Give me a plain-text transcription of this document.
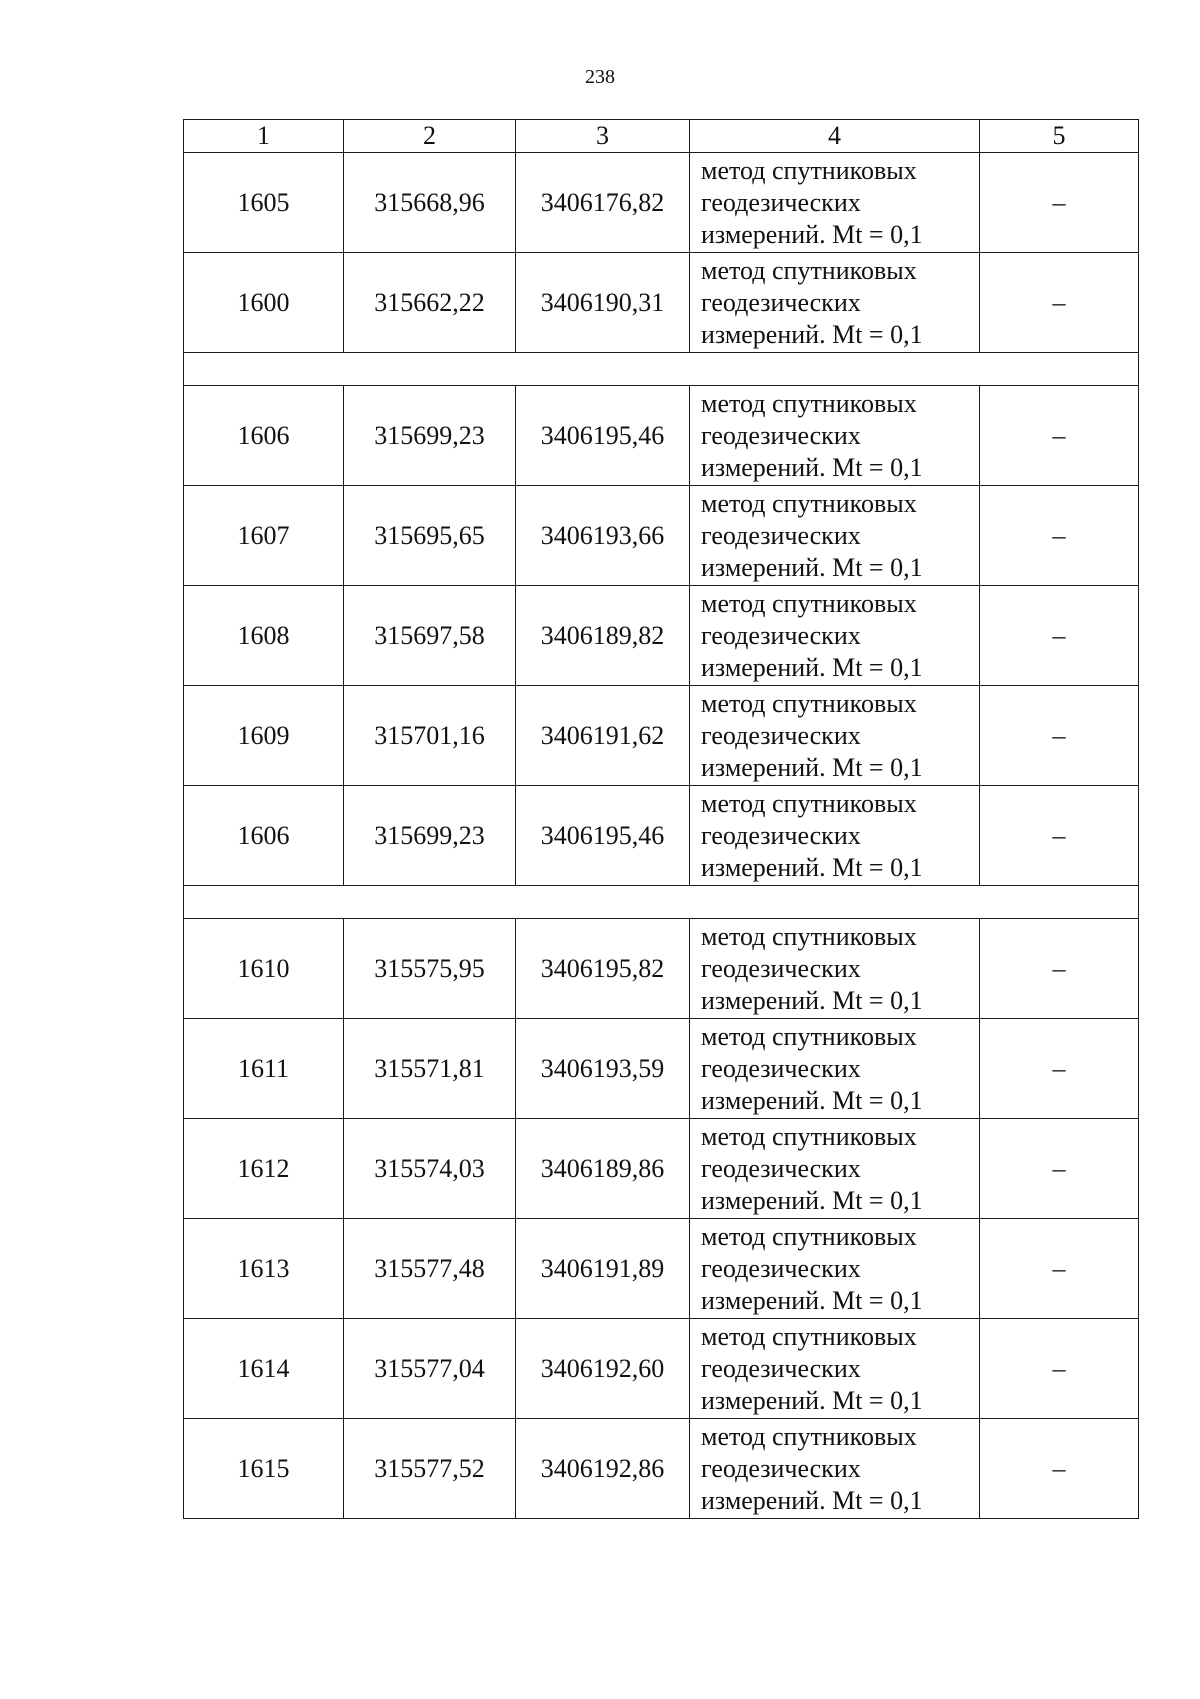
238
1	2	3	4	5
1605	315668,96	3406176,82	метод спутниковых
геодезических
измерений. Mt = 0,1	–
1600	315662,22	3406190,31	метод спутниковых
геодезических
измерений. Mt = 0,1	–

1606	315699,23	3406195,46	метод спутниковых
геодезических
измерений. Mt = 0,1	–
1607	315695,65	3406193,66	метод спутниковых
геодезических
измерений. Mt = 0,1	–
1608	315697,58	3406189,82	метод спутниковых
геодезических
измерений. Mt = 0,1	–
1609	315701,16	3406191,62	метод спутниковых
геодезических
измерений. Mt = 0,1	–
1606	315699,23	3406195,46	метод спутниковых
геодезических
измерений. Mt = 0,1	–

1610	315575,95	3406195,82	метод спутниковых
геодезических
измерений. Mt = 0,1	–
1611	315571,81	3406193,59	метод спутниковых
геодезических
измерений. Mt = 0,1	–
1612	315574,03	3406189,86	метод спутниковых
геодезических
измерений. Mt = 0,1	–
1613	315577,48	3406191,89	метод спутниковых
геодезических
измерений. Mt = 0,1	–
1614	315577,04	3406192,60	метод спутниковых
геодезических
измерений. Mt = 0,1	–
1615	315577,52	3406192,86	метод спутниковых
геодезических
измерений. Mt = 0,1	–
